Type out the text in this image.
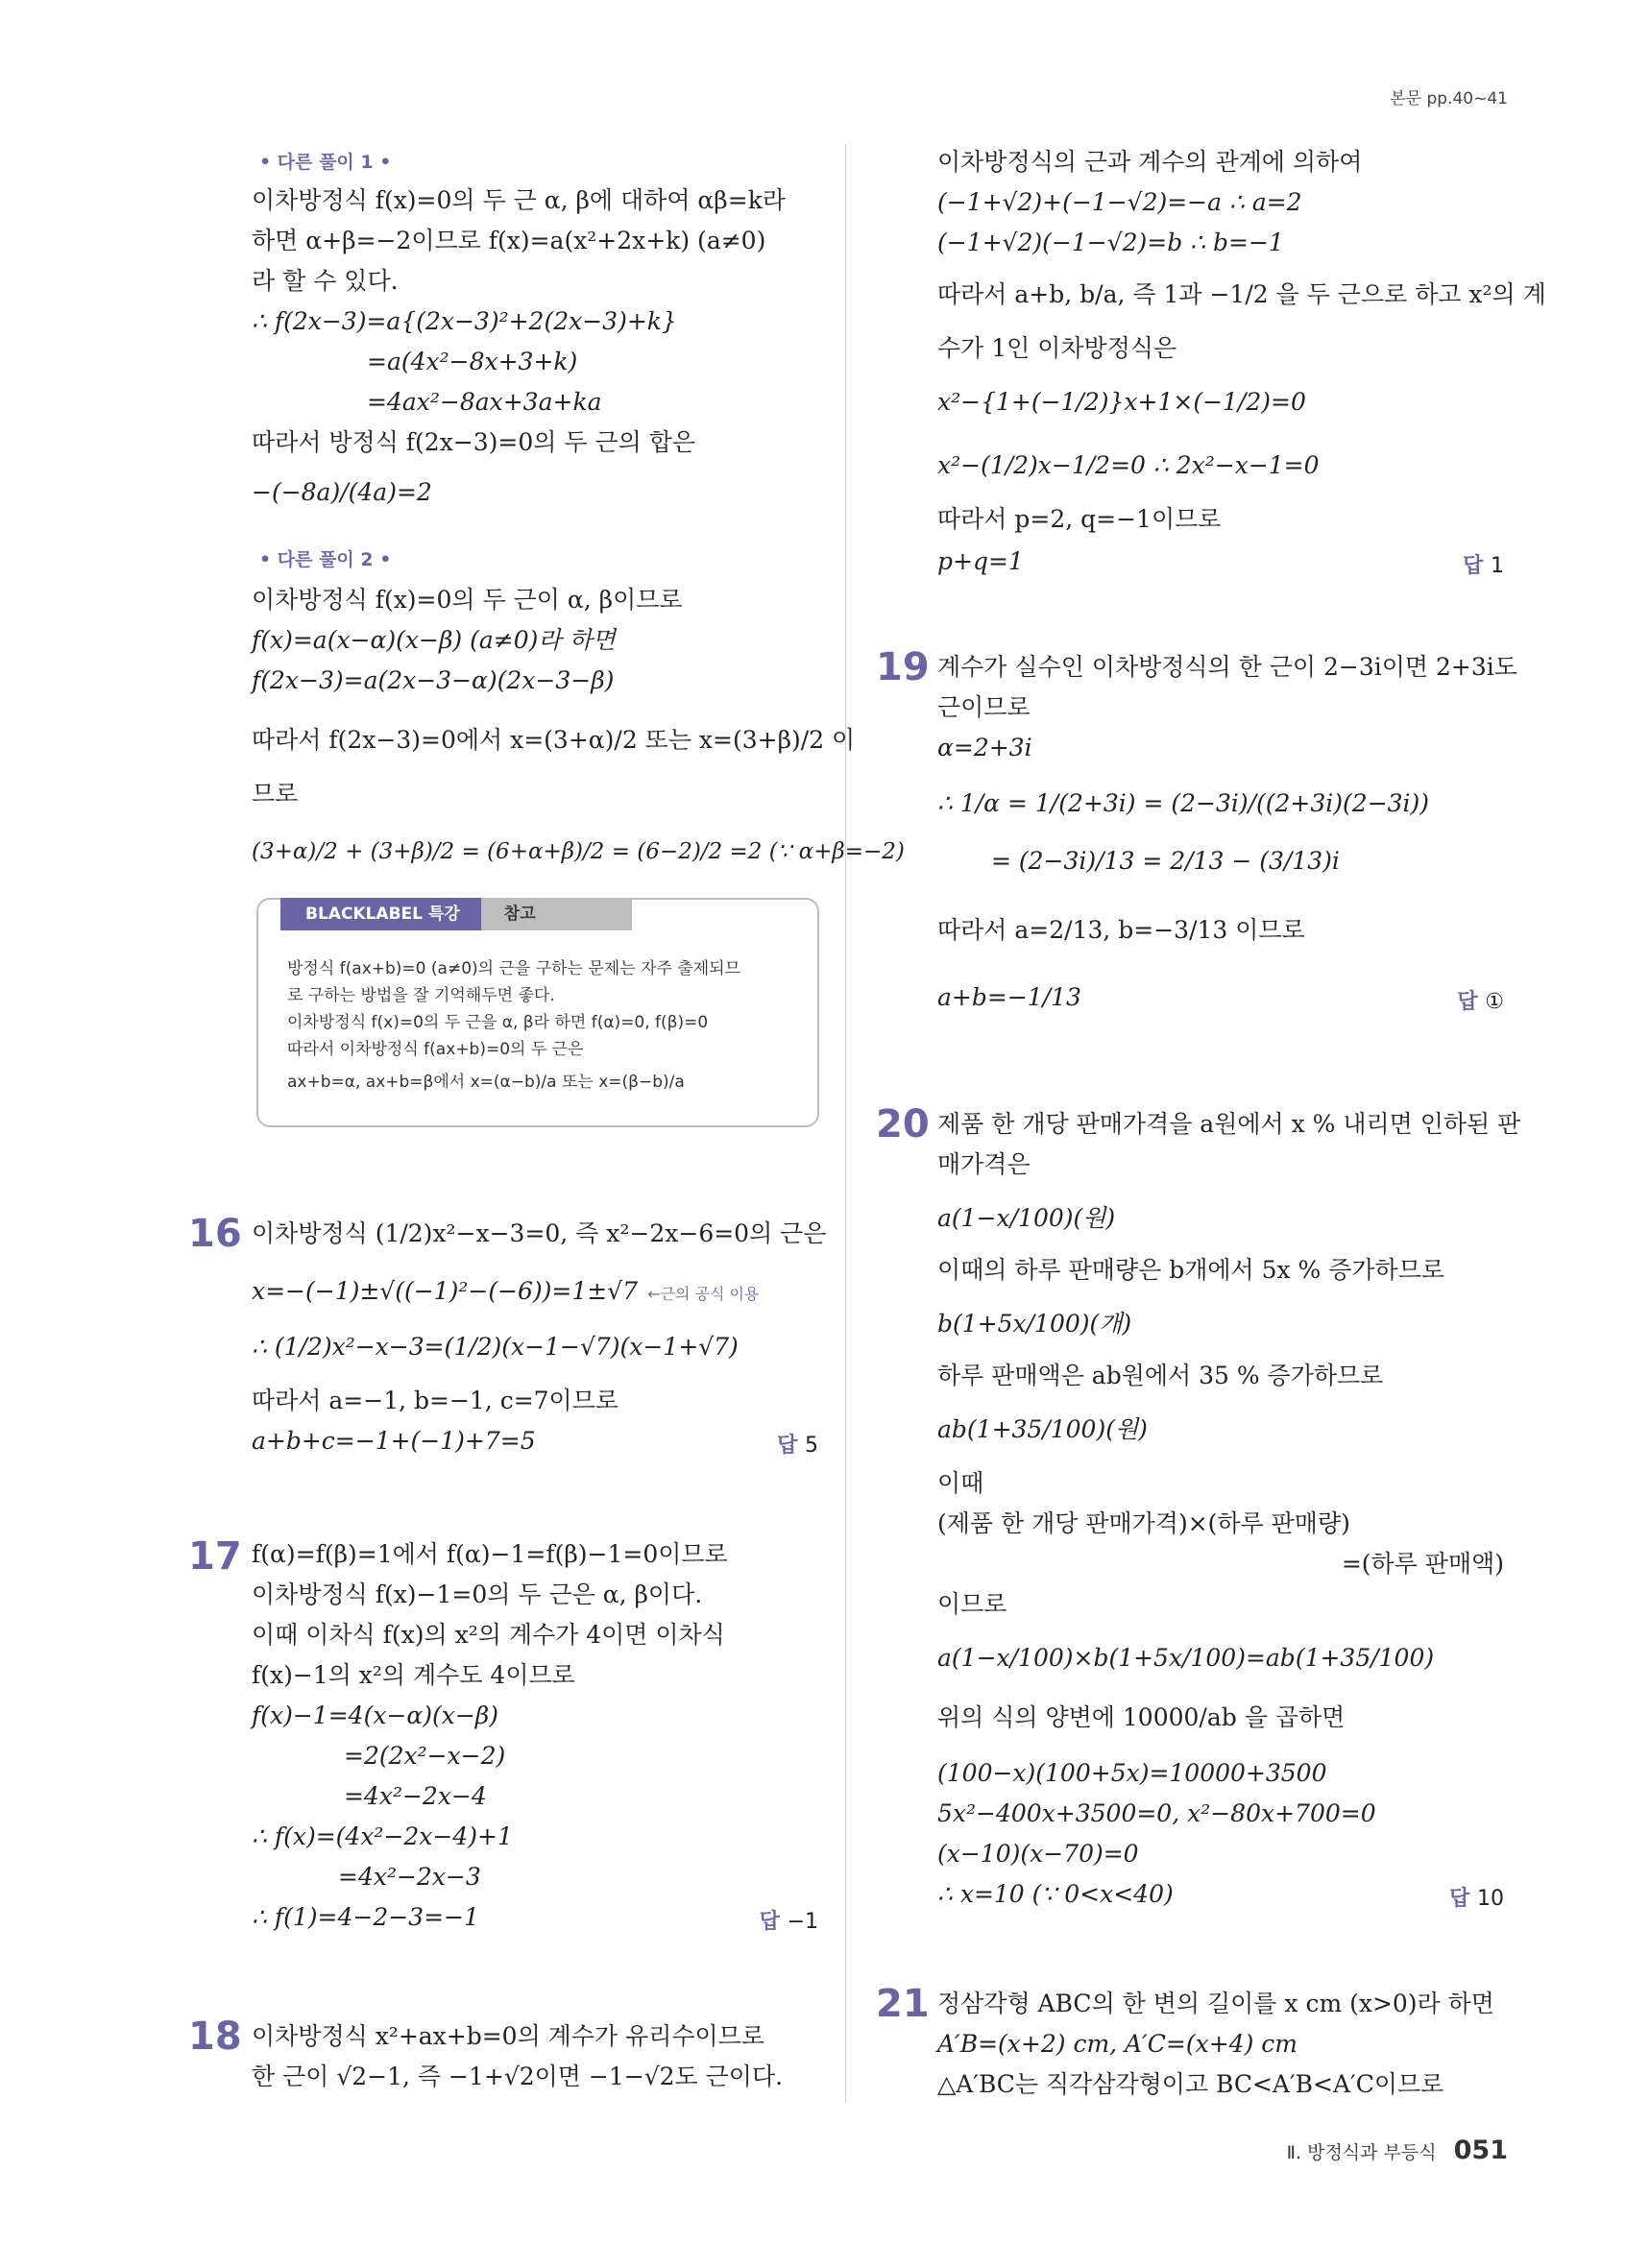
본문 pp.40~41
• 다른 풀이 1 •
이차방정식 f(x)=0의 두 근 α, β에 대하여 αβ=k라
하면 α+β=−2이므로 f(x)=a(x²+2x+k) (a≠0)
라 할 수 있다.
∴ f(2x−3)=a{(2x−3)²+2(2x−3)+k}
=a(4x²−8x+3+k)
=4ax²−8ax+3a+ka
따라서 방정식 f(2x−3)=0의 두 근의 합은
−(−8a)/(4a)=2
• 다른 풀이 2 •
이차방정식 f(x)=0의 두 근이 α, β이므로
f(x)=a(x−α)(x−β) (a≠0)라 하면
f(2x−3)=a(2x−3−α)(2x−3−β)
따라서 f(2x−3)=0에서 x=(3+α)/2 또는 x=(3+β)/2 이
므로
(3+α)/2 + (3+β)/2 = (6+α+β)/2 = (6−2)/2 =2 (∵ α+β=−2)
BLACKLABEL 특강	참고
방정식 f(ax+b)=0 (a≠0)의 근을 구하는 문제는 자주 출제되므
로 구하는 방법을 잘 기억해두면 좋다.
이차방정식 f(x)=0의 두 근을 α, β라 하면 f(α)=0, f(β)=0
따라서 이차방정식 f(ax+b)=0의 두 근은
ax+b=α, ax+b=β에서 x=(α−b)/a 또는 x=(β−b)/a
16 이차방정식 (1/2)x²−x−3=0, 즉 x²−2x−6=0의 근은
x=−(−1)±√((−1)²−(−6))=1±√7 ←근의 공식 이용
∴ (1/2)x²−x−3=(1/2)(x−1−√7)(x−1+√7)
따라서 a=−1, b=−1, c=7이므로
a+b+c=−1+(−1)+7=5	답 5
17 f(α)=f(β)=1에서 f(α)−1=f(β)−1=0이므로
이차방정식 f(x)−1=0의 두 근은 α, β이다.
이때 이차식 f(x)의 x²의 계수가 4이면 이차식
f(x)−1의 x²의 계수도 4이므로
f(x)−1=4(x−α)(x−β)
=2(2x²−x−2)
=4x²−2x−4
∴ f(x)=(4x²−2x−4)+1
=4x²−2x−3
∴ f(1)=4−2−3=−1	답 −1
18 이차방정식 x²+ax+b=0의 계수가 유리수이므로
한 근이 √2−1, 즉 −1+√2이면 −1−√2도 근이다.
이차방정식의 근과 계수의 관계에 의하여
(−1+√2)+(−1−√2)=−a ∴ a=2
(−1+√2)(−1−√2)=b ∴ b=−1
따라서 a+b, b/a, 즉 1과 −1/2 을 두 근으로 하고 x²의 계
수가 1인 이차방정식은
x²−{1+(−1/2)}x+1×(−1/2)=0
x²−(1/2)x−1/2=0 ∴ 2x²−x−1=0
따라서 p=2, q=−1이므로
p+q=1	답 1
19 계수가 실수인 이차방정식의 한 근이 2−3i이면 2+3i도
근이므로
α=2+3i
∴ 1/α = 1/(2+3i) = (2−3i)/((2+3i)(2−3i))
= (2−3i)/13 = 2/13 − (3/13)i
따라서 a=2/13, b=−3/13 이므로
a+b=−1/13	답 ①
20 제품 한 개당 판매가격을 a원에서 x % 내리면 인하된 판
매가격은
a(1−x/100)(원)
이때의 하루 판매량은 b개에서 5x % 증가하므로
b(1+5x/100)(개)
하루 판매액은 ab원에서 35 % 증가하므로
ab(1+35/100)(원)
이때
(제품 한 개당 판매가격)×(하루 판매량)
=(하루 판매액)
이므로
a(1−x/100)×b(1+5x/100)=ab(1+35/100)
위의 식의 양변에 10000/ab 을 곱하면
(100−x)(100+5x)=10000+3500
5x²−400x+3500=0, x²−80x+700=0
(x−10)(x−70)=0
∴ x=10 (∵ 0<x<40)	답 10
21 정삼각형 ABC의 한 변의 길이를 x cm (x>0)라 하면
A′B=(x+2) cm, A′C=(x+4) cm
△A′BC는 직각삼각형이고 BC<A′B<A′C이므로
Ⅱ. 방정식과 부등식 051
